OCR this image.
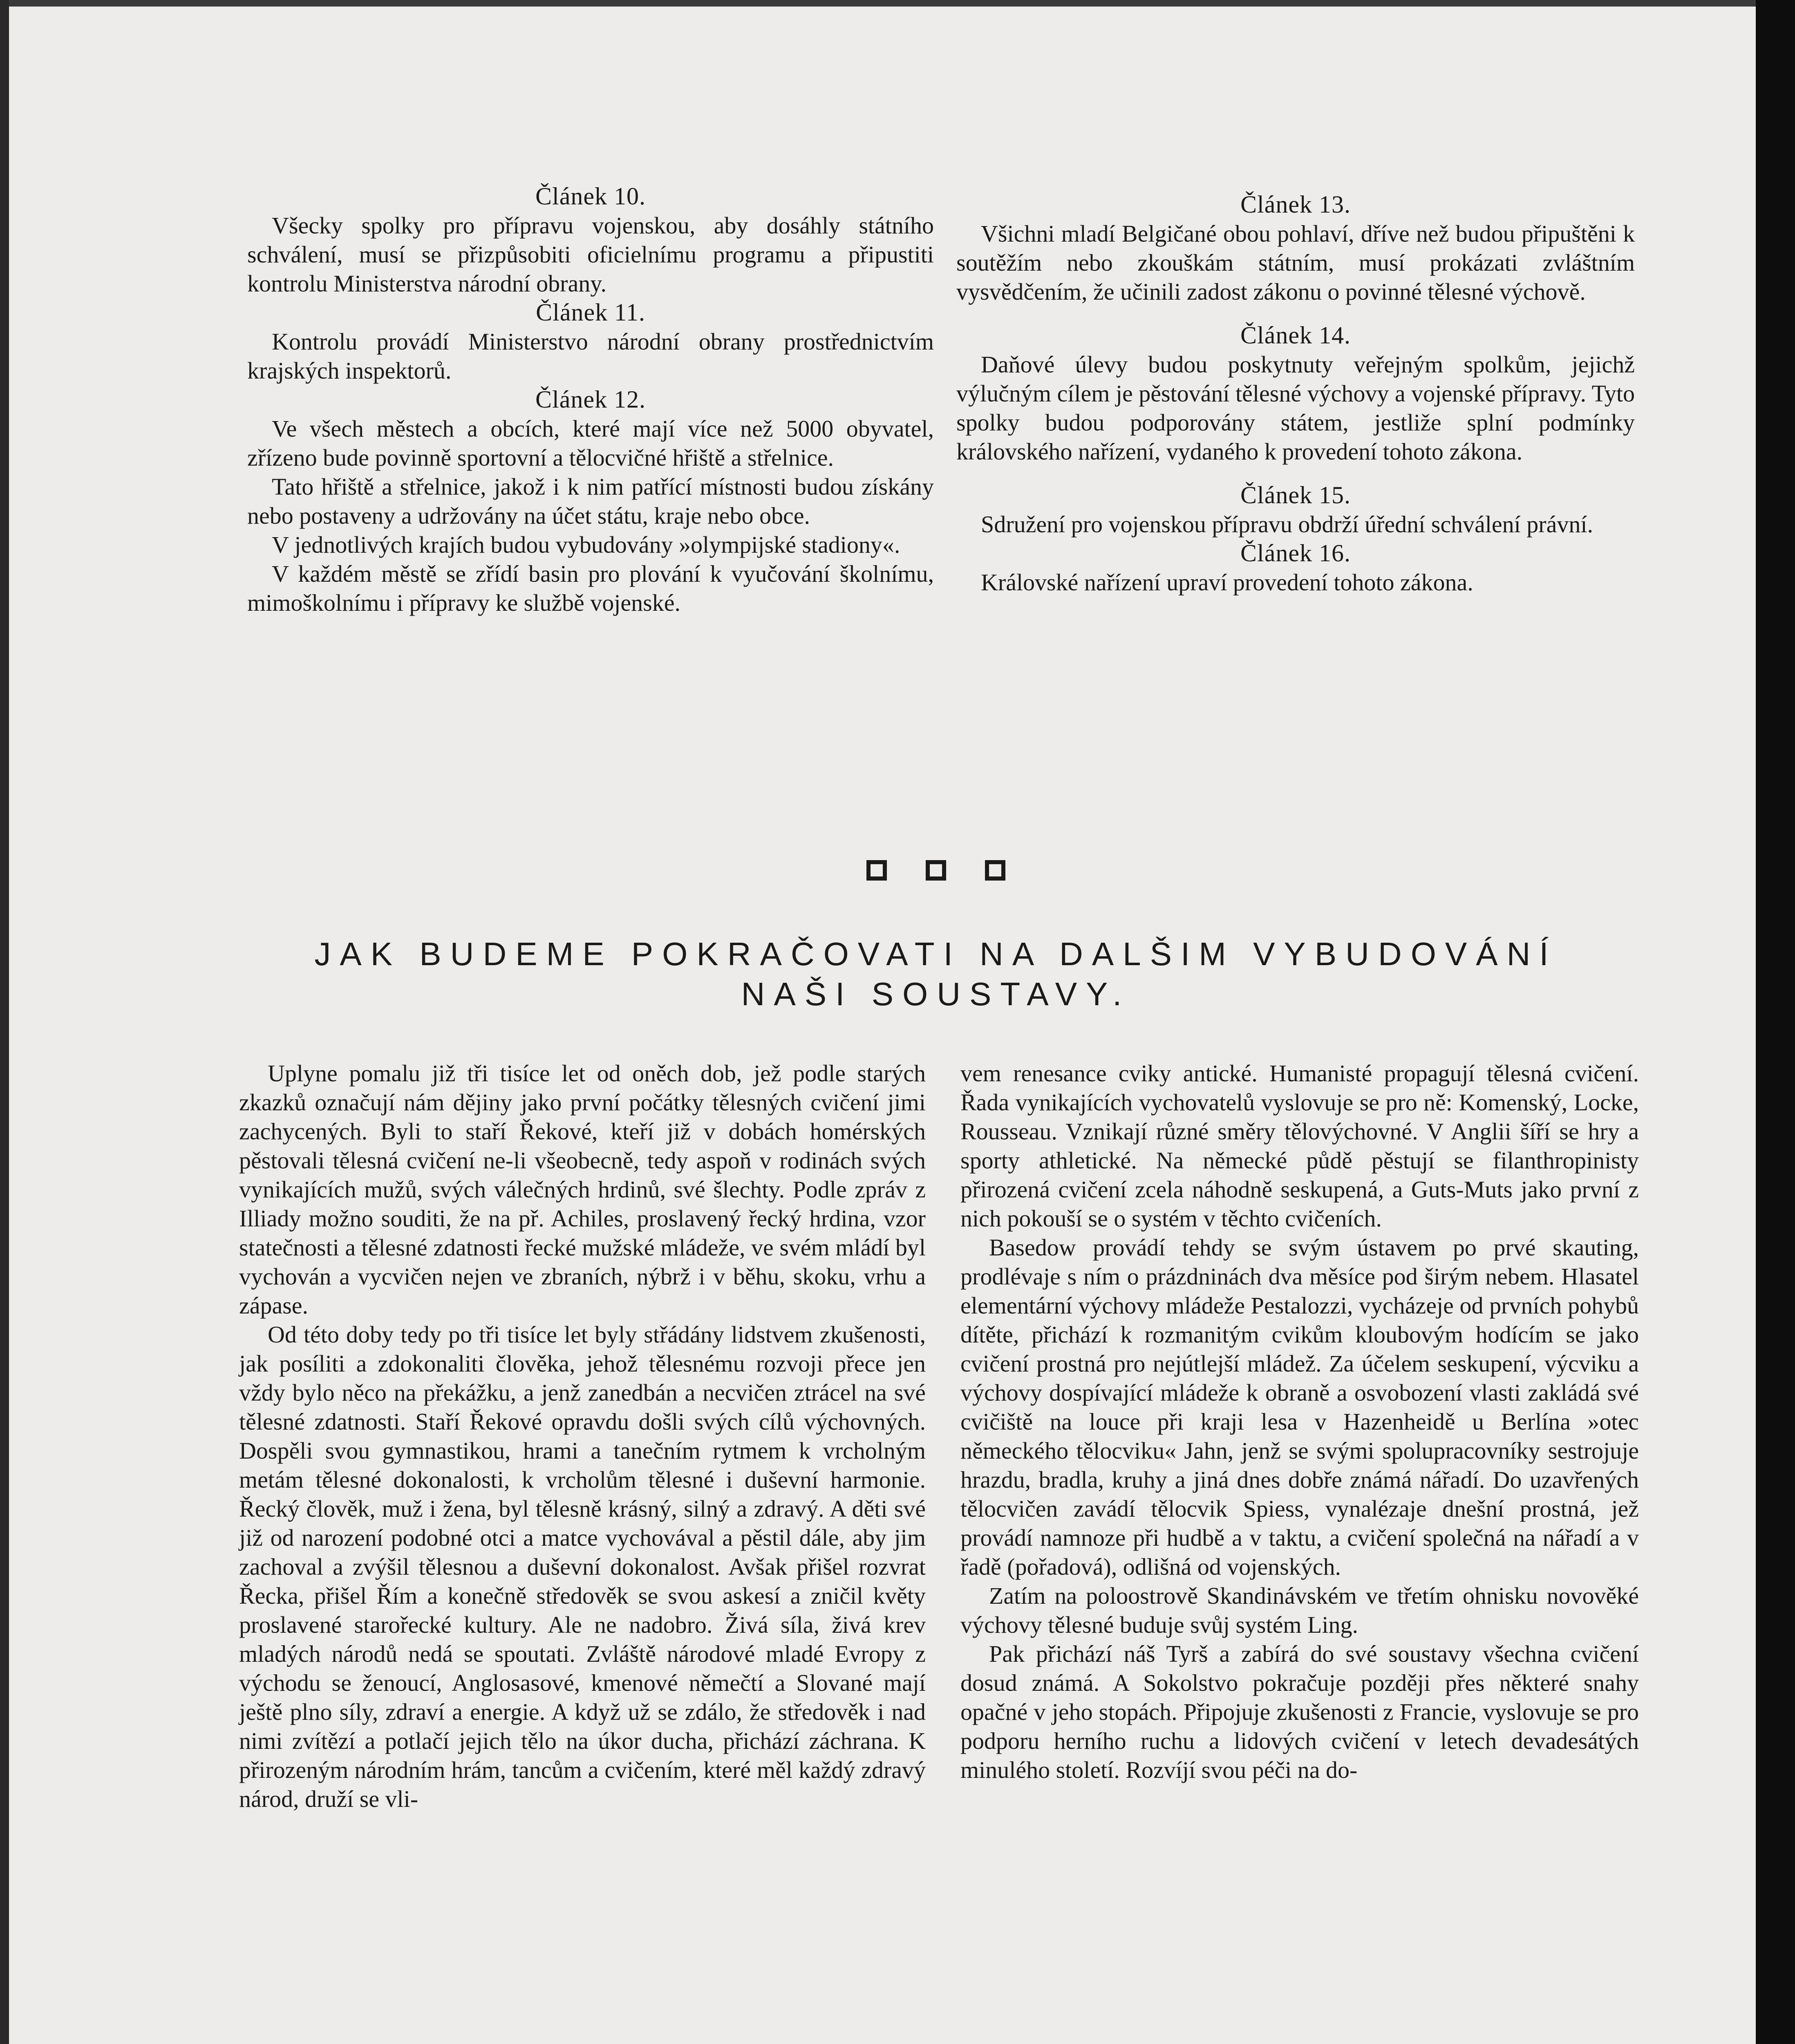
Článek 10.

Všecky spolky pro přípravu vojenskou, aby dosáhly státního schválení, musí se přizpůsobiti oficielnímu programu a připustiti kontrolu Ministerstva národní obrany.

Článek 11.

Kontrolu provádí Ministerstvo národní obrany prostřednictvím krajských inspektorů.

Článek 12.

Ve všech městech a obcích, které mají více než 5000 obyvatel, zřízeno bude povinně sportovní a tělocvičné hřiště a střelnice.

Tato hřiště a střelnice, jakož i k nim patřící místnosti budou získány nebo postaveny a udržovány na účet státu, kraje nebo obce.

V jednotlivých krajích budou vybudovány »olympijské stadiony«.

V každém městě se zřídí basin pro plování k vyučování školnímu, mimoškolnímu i přípravy ke službě vojenské.

Článek 13.

Všichni mladí Belgičané obou pohlaví, dříve než budou připuštěni k soutěžím nebo zkouškám státním, musí prokázati zvláštním vysvědčením, že učinili zadost zákonu o povinné tělesné výchově.

Článek 14.

Daňové úlevy budou poskytnuty veřejným spolkům, jejichž výlučným cílem je pěstování tělesné výchovy a vojenské přípravy. Tyto spolky budou podporovány státem, jestliže splní podmínky královského nařízení, vydaného k provedení tohoto zákona.

Článek 15.

Sdružení pro vojenskou přípravu obdrží úřední schválení právní.

Článek 16.

Královské nařízení upraví provedení tohoto zákona.

JAK BUDEME POKRAČOVATI NA DALŠIM VYBUDOVÁNÍ
NAŠI SOUSTAVY.

Uplyne pomalu již tři tisíce let od oněch dob, jež podle starých zkazků označují nám dějiny jako první počátky tělesných cvičení jimi zachycených. Byli to staří Řekové, kteří již v dobách homérských pěstovali tělesná cvičení ne-li všeobecně, tedy aspoň v rodinách svých vynikajících mužů, svých válečných hrdinů, své šlechty. Podle zpráv z Illiady možno souditi, že na př. Achiles, proslavený řecký hrdina, vzor statečnosti a tělesné zdatnosti řecké mužské mládeže, ve svém mládí byl vychován a vycvičen nejen ve zbraních, nýbrž i v běhu, skoku, vrhu a zápase.

Od této doby tedy po tři tisíce let byly střádány lidstvem zkušenosti, jak posíliti a zdokonaliti člověka, jehož tělesnému rozvoji přece jen vždy bylo něco na překážku, a jenž zanedbán a necvičen ztrácel na své tělesné zdatnosti. Staří Řekové opravdu došli svých cílů výchovných. Dospěli svou gymnastikou, hrami a tanečním rytmem k vrcholným metám tělesné dokonalosti, k vrcholům tělesné i duševní harmonie. Řecký člověk, muž i žena, byl tělesně krásný, silný a zdravý. A děti své již od narození podobné otci a matce vychovával a pěstil dále, aby jim zachoval a zvýšil tělesnou a duševní dokonalost. Avšak přišel rozvrat Řecka, přišel Řím a konečně středověk se svou askesí a zničil květy proslavené starořecké kultury. Ale ne nadobro. Živá síla, živá krev mladých národů nedá se spoutati. Zvláště národové mladé Evropy z východu se ženoucí, Anglosasové, kmenové němečtí a Slované mají ještě plno síly, zdraví a energie. A když už se zdálo, že středověk i nad nimi zvítězí a potlačí jejich tělo na úkor ducha, přichází záchrana. K přirozeným národním hrám, tancům a cvičením, které měl každý zdravý národ, druží se vli-

vem renesance cviky antické. Humanisté propagují tělesná cvičení. Řada vynikajících vychovatelů vyslovuje se pro ně: Komenský, Locke, Rousseau. Vznikají různé směry tělovýchovné. V Anglii šíří se hry a sporty athletické. Na německé půdě pěstují se filanthropinisty přirozená cvičení zcela náhodně seskupená, a Guts-Muts jako první z nich pokouší se o systém v těchto cvičeních.

Basedow provádí tehdy se svým ústavem po prvé skauting, prodlévaje s ním o prázdninách dva měsíce pod širým nebem. Hlasatel elementární výchovy mládeže Pestalozzi, vycházeje od prvních pohybů dítěte, přichází k rozmanitým cvikům kloubovým hodícím se jako cvičení prostná pro nejútlejší mládež. Za účelem seskupení, výcviku a výchovy dospívající mládeže k obraně a osvobození vlasti zakládá své cvičiště na louce při kraji lesa v Hazenheidě u Berlína »otec německého tělocviku« Jahn, jenž se svými spolupracovníky sestrojuje hrazdu, bradla, kruhy a jiná dnes dobře známá nářadí. Do uzavřených tělocvičen zavádí tělocvik Spiess, vynalézaje dnešní prostná, jež provádí namnoze při hudbě a v taktu, a cvičení společná na nářadí a v řadě (pořadová), odlišná od vojenských.

Zatím na poloostrově Skandinávském ve třetím ohnisku novověké výchovy tělesné buduje svůj systém Ling.

Pak přichází náš Tyrš a zabírá do své soustavy všechna cvičení dosud známá. A Sokolstvo pokračuje později přes některé snahy opačné v jeho stopách. Připojuje zkušenosti z Francie, vyslovuje se pro podporu herního ruchu a lidových cvičení v letech devadesátých minulého století. Rozvíjí svou péči na do-
